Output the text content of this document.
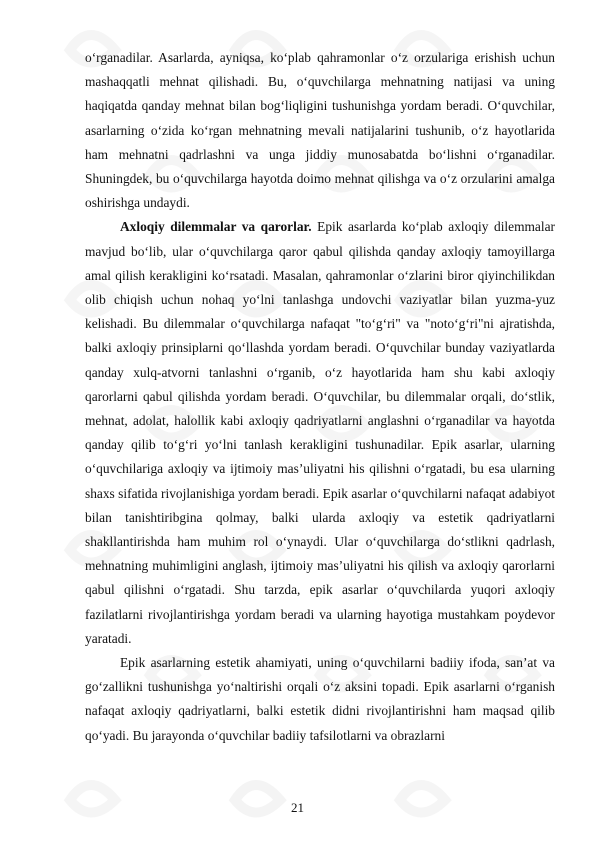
o‘rganadilar. Asarlarda, ayniqsa, ko‘plab qahramonlar o‘z orzulariga erishish uchun mashaqqatli mehnat qilishadi. Bu, o‘quvchilarga mehnatning natijasi va uning haqiqatda qanday mehnat bilan bog‘liqligini tushunishga yordam beradi. O‘quvchilar, asarlarning o‘zida ko‘rgan mehnatning mevali natijalarini tushunib, o‘z hayotlarida ham mehnatni qadrlashni va unga jiddiy munosabatda bo‘lishni o‘rganadilar. Shuningdek, bu o‘quvchilarga hayotda doimo mehnat qilishga va o‘z orzularini amalga oshirishga undaydi.

Axloqiy dilemmalar va qarorlar. Epik asarlarda ko‘plab axloqiy dilemmalar mavjud bo‘lib, ular o‘quvchilarga qaror qabul qilishda qanday axloqiy tamoyillarga amal qilish kerakligini ko‘rsatadi. Masalan, qahramonlar o‘zlarini biror qiyinchilikdan olib chiqish uchun nohaq yo‘lni tanlashga undovchi vaziyatlar bilan yuzma-yuz kelishadi. Bu dilemmalar o‘quvchilarga nafaqat "to‘g‘ri" va "noto‘g‘ri"ni ajratishda, balki axloqiy prinsiplarni qo‘llashda yordam beradi. O‘quvchilar bunday vaziyatlarda qanday xulq-atvorni tanlashni o‘rganib, o‘z hayotlarida ham shu kabi axloqiy qarorlarni qabul qilishda yordam beradi. O‘quvchilar, bu dilemmalar orqali, do‘stlik, mehnat, adolat, halollik kabi axloqiy qadriyatlarni anglashni o‘rganadilar va hayotda qanday qilib to‘g‘ri yo‘lni tanlash kerakligini tushunadilar. Epik asarlar, ularning o‘quvchilariga axloqiy va ijtimoiy mas’uliyatni his qilishni o‘rgatadi, bu esa ularning shaxs sifatida rivojlanishiga yordam beradi. Epik asarlar o‘quvchilarni nafaqat adabiyot bilan tanishtiribgina qolmay, balki ularda axloqiy va estetik qadriyatlarni shakllantirishda ham muhim rol o‘ynaydi. Ular o‘quvchilarga do‘stlikni qadrlash, mehnatning muhimligini anglash, ijtimoiy mas’uliyatni his qilish va axloqiy qarorlarni qabul qilishni o‘rgatadi. Shu tarzda, epik asarlar o‘quvchilarda yuqori axloqiy fazilatlarni rivojlantirishga yordam beradi va ularning hayotiga mustahkam poydevor yaratadi.

Epik asarlarning estetik ahamiyati, uning o‘quvchilarni badiiy ifoda, san’at va go‘zallikni tushunishga yo‘naltirishi orqali o‘z aksini topadi. Epik asarlarni o‘rganish nafaqat axloqiy qadriyatlarni, balki estetik didni rivojlantirishni ham maqsad qilib qo‘yadi. Bu jarayonda o‘quvchilar badiiy tafsilotlarni va obrazlarni

21
